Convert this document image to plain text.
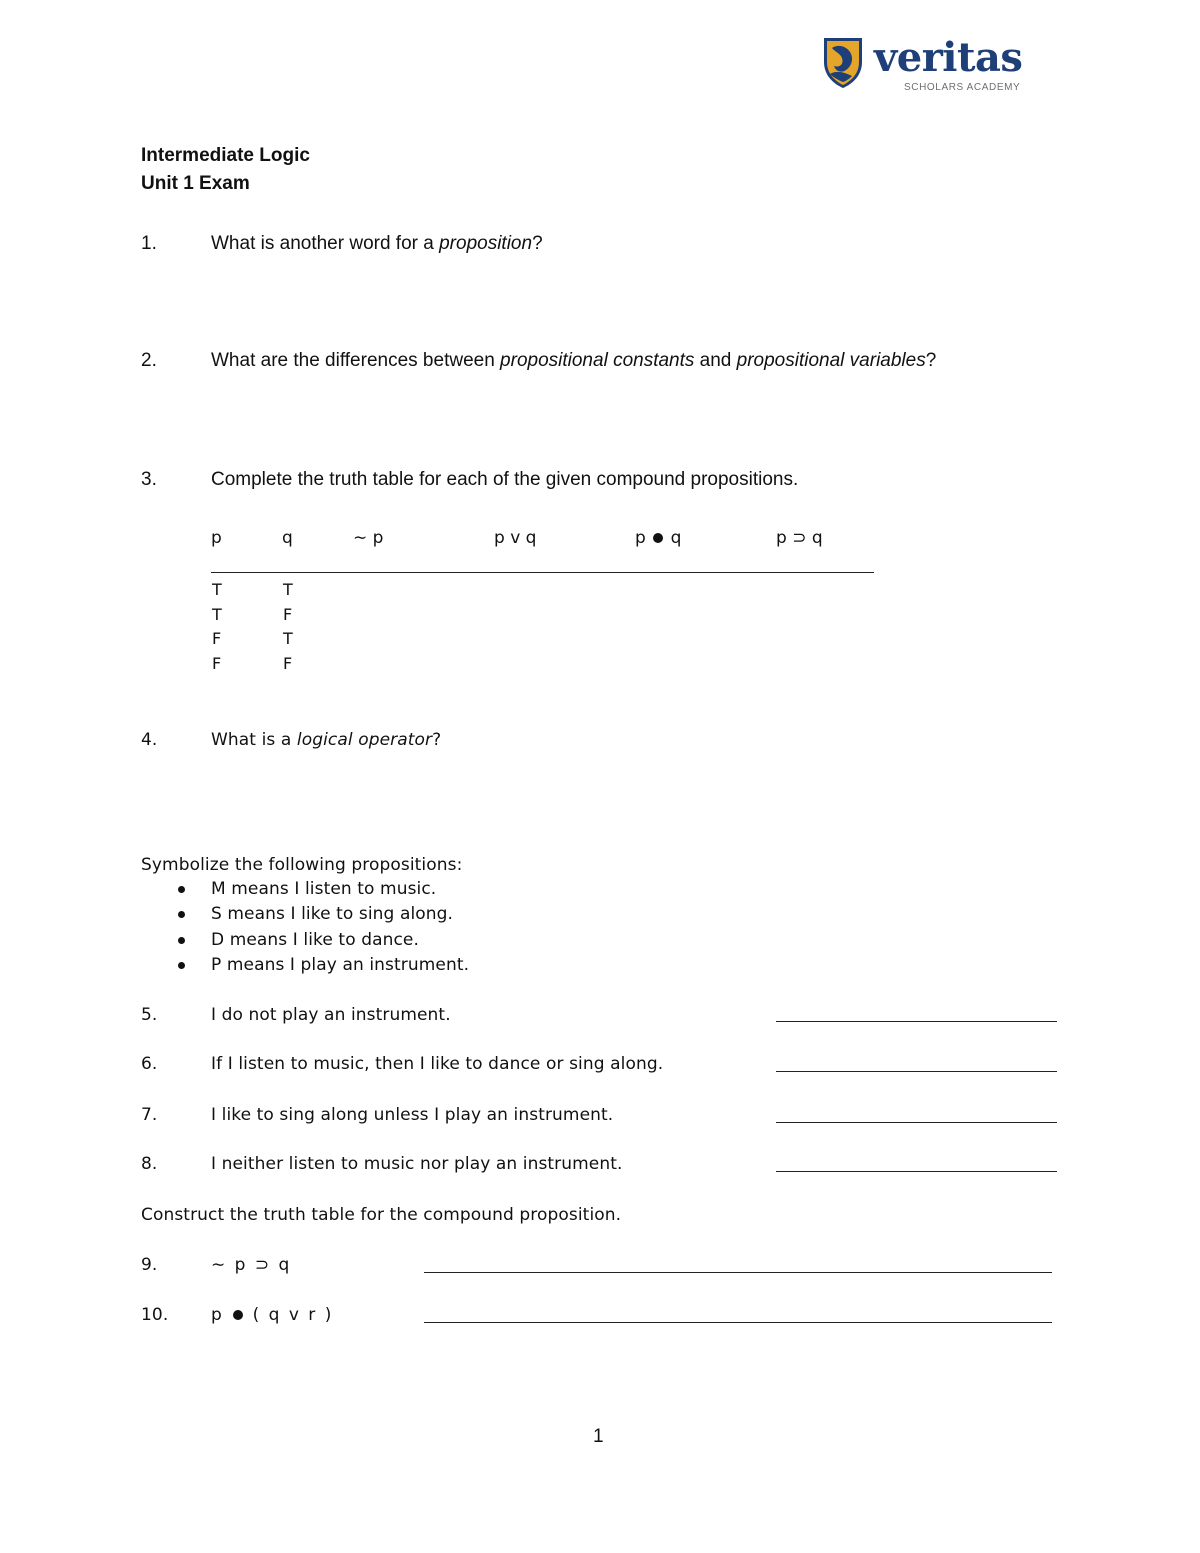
veritas
SCHOLARS ACADEMY
Intermediate Logic
Unit 1 Exam
1.	What is another word for a proposition?
2.	What are the differences between propositional constants and propositional variables?
3.	Complete the truth table for each of the given compound propositions.
p	q	∼ p	p v q	p q	p ⊃ q
T	T
T	F
F	T
F	F
4.	What is a logical operator?
Symbolize the following propositions:
M means I listen to music.
S means I like to sing along.
D means I like to dance.
P means I play an instrument.
5.	I do not play an instrument.
6.	If I listen to music, then I like to dance or sing along.
7.	I like to sing along unless I play an instrument.
8.	I neither listen to music nor play an instrument.
Construct the truth table for the compound proposition.
9.	∼ p ⊃ q
10.	p ( q v r )
1
